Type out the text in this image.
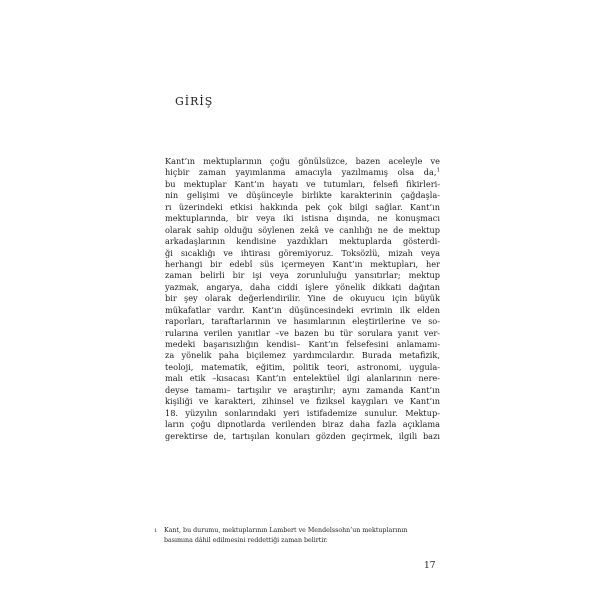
GİRİŞ
Kant’ın mektuplarının çoğu gönülsüzce, bazen aceleyle ve
hiçbir zaman yayımlanma amacıyla yazılmamış olsa da,$^1$
bu mektuplar Kant’ın hayatı ve tutumları, felsefi fikirleri-
nin gelişimi ve düşünceyle birlikte karakterinin çağdaşla-
rı üzerindeki etkisi hakkında pek çok bilgi sağlar. Kant’ın
mektuplarında, bir veya iki istisna dışında, ne konuşmacı
olarak sahip olduğu söylenen zekâ ve canlılığı ne de mektup
arkadaşlarının kendisine yazdıkları mektuplarda gösterdi-
ği sıcaklığı ve ihtirası göremiyoruz. Toksözlü, mizah veya
herhangi bir edebî süs içermeyen Kant’ın mektupları, her
zaman belirli bir işi veya zorunluluğu yansıtırlar; mektup
yazmak, angarya, daha ciddi işlere yönelik dikkati dağıtan
bir şey olarak değerlendirilir. Yine de okuyucu için büyük
mükafatlar vardır. Kant’ın düşüncesindeki evrimin ilk elden
raporları, taraftarlarının ve hasımlarının eleştirilerine ve so-
rularına verilen yanıtlar –ve bazen bu tür sorulara yanıt ver-
medeki başarısızlığın kendisi– Kant’ın felsefesini anlamamı-
za yönelik paha biçilemez yardımcılardır. Burada metafizik,
teoloji, matematik, eğitim, politik teori, astronomi, uygula-
malı etik –kısacası Kant’ın entelektüel ilgi alanlarının nere-
deyse tamamı– tartışılır ve araştırılır; aynı zamanda Kant’ın
kişiliği ve karakteri, zihinsel ve fiziksel kaygıları ve Kant’ın
18. yüzyılın sonlarındaki yeri istifademize sunulur. Mektup-
ların çoğu dipnotlarda verilenden biraz daha fazla açıklama
gerektirse de, tartışılan konuları gözden geçirmek, ilgili bazı
1 Kant, bu durumu, mektuplarının Lambert ve Mendelssohn’un mektuplarının
basımına dâhil edilmesini reddettiği zaman belirtir.
17
